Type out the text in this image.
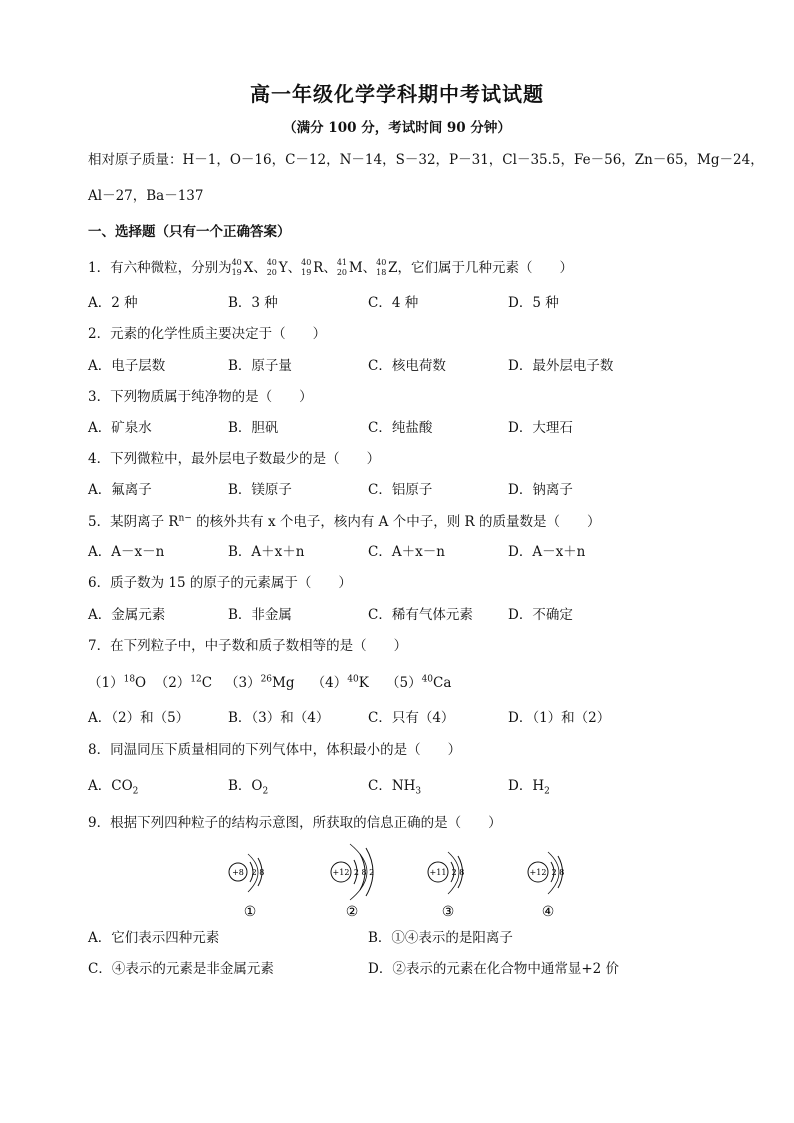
高一年级化学学科期中考试试题
（满分 100 分，考试时间 90 分钟）
相对原子质量：H－1，O－16，C－12，N－14，S－32，P－31，Cl－35.5，Fe－56，Zn－65，Mg－24，
Al－27，Ba－137
一、选择题（只有一个正确答案）
1．有六种微粒，分别为 40
19 X、 40
20 Y、 40
19 R、 41
20 M、 40
18 Z，它们属于几种元素（　　）
A．2 种	B．3 种	C．4 种	D．5 种
2．元素的化学性质主要决定于（　　）
A．电子层数	B．原子量	C．核电荷数	D．最外层电子数
3．下列物质属于纯净物的是（　　）
A．矿泉水	B．胆矾	C．纯盐酸	D．大理石
4．下列微粒中，最外层电子数最少的是（　　）
A．氟离子	B．镁原子	C．铝原子	D．钠离子
5．某阴离子 $R^{n-}$ 的核外共有 x 个电子，核内有 A 个中子，则 R 的质量数是（　　）
A．A－x－n	B．A＋x＋n	C．A＋x－n	D．A－x＋n
6．质子数为 15 的原子的元素属于（　　）
A．金属元素	B．非金属	C．稀有气体元素	D．不确定
7．在下列粒子中，中子数和质子数相等的是（　　）
$(1)^{18}O$ $(2)^{12}C$ $(3)^{26}Mg$ $(4)^{40}K$ $(5)^{40}Ca$
A．（2）和（5）	B．（3）和（4）	C．只有（4）	D．（1）和（2）
8．同温同压下质量相同的下列气体中，体积最小的是（　　）
A．$CO_2$	B．$O_2$	C．$NH_3$	D．$H_2$
9．根据下列四种粒子的结构示意图，所获取的信息正确的是（　　）
+8 2 8
①
+12 2 8 2
②
+11 2 8
③
+12 2 8
④
A．它们表示四种元素	B．①④表示的是阳离子
C．④表示的元素是非金属元素	D．②表示的元素在化合物中通常显+2 价
